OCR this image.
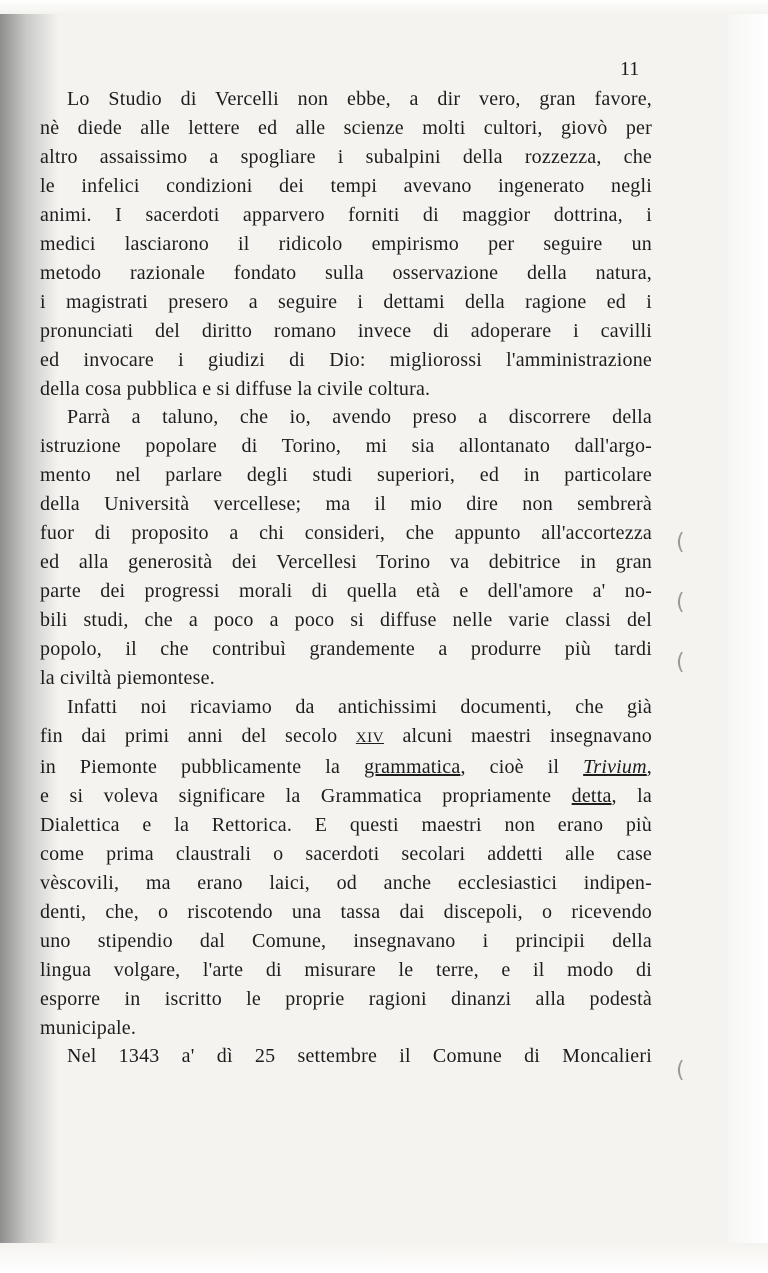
11
Lo Studio di Vercelli non ebbe, a dir vero, gran favore,
nè diede alle lettere ed alle scienze molti cultori, giovò per
altro assaissimo a spogliare i subalpini della rozzezza, che
le infelici condizioni dei tempi avevano ingenerato negli
animi. I sacerdoti apparvero forniti di maggior dottrina, i
medici lasciarono il ridicolo empirismo per seguire un
metodo razionale fondato sulla osservazione della natura,
i magistrati presero a seguire i dettami della ragione ed i
pronunciati del diritto romano invece di adoperare i cavilli
ed invocare i giudizi di Dio: migliorossi l'amministrazione
della cosa pubblica e si diffuse la civile coltura.
Parrà a taluno, che io, avendo preso a discorrere della
istruzione popolare di Torino, mi sia allontanato dall'argo-
mento nel parlare degli studi superiori, ed in particolare
della Università vercellese; ma il mio dire non sembrerà
fuor di proposito a chi consideri, che appunto all'accortezza
ed alla generosità dei Vercellesi Torino va debitrice in gran
parte dei progressi morali di quella età e dell'amore a' no-
bili studi, che a poco a poco si diffuse nelle varie classi del
popolo, il che contribuì grandemente a produrre più tardi
la civiltà piemontese.
Infatti noi ricaviamo da antichissimi documenti, che già
fin dai primi anni del secolo XIV alcuni maestri insegnavano
in Piemonte pubblicamente la grammatica, cioè il Trivium,
e si voleva significare la Grammatica propriamente detta, la
Dialettica e la Rettorica. E questi maestri non erano più
come prima claustrali o sacerdoti secolari addetti alle case
vèscovili, ma erano laici, od anche ecclesiastici indipen-
denti, che, o riscotendo una tassa dai discepoli, o ricevendo
uno stipendio dal Comune, insegnavano i principii della
lingua volgare, l'arte di misurare le terre, e il modo di
esporre in iscritto le proprie ragioni dinanzi alla podestà
municipale.
Nel 1343 a' dì 25 settembre il Comune di Moncalieri
(
(
(
(
